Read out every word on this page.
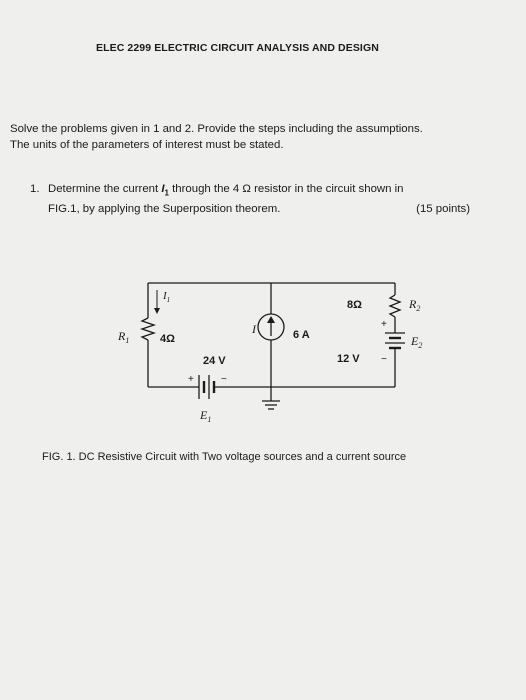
ELEC 2299 ELECTRIC CIRCUIT ANALYSIS AND DESIGN
Solve the problems given in 1 and 2. Provide the steps including the assumptions.
The units of the parameters of interest must be stated.
1. Determine the current $I_1$ through the 4 Ω resistor in the circuit shown in
FIG.1, by applying the Superposition theorem.	(15 points)
4Ω
24 V
+	−
6 A
8Ω
12 V
+
−
$R_1$
$I_1$
$E_1$
I
$R_2$
$E_2$
FIG. 1. DC Resistive Circuit with Two voltage sources and a current source
